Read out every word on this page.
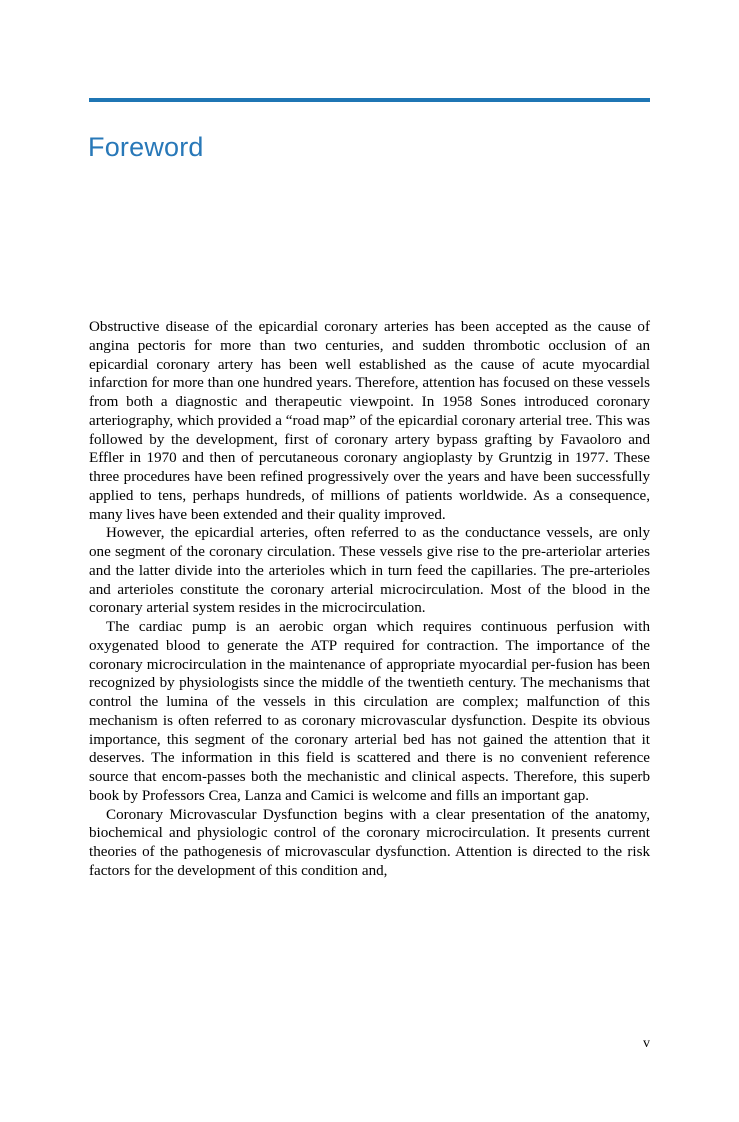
Foreword

Obstructive disease of the epicardial coronary arteries has been accepted as the cause of angina pectoris for more than two centuries, and sudden thrombotic occlusion of an epicardial coronary artery has been well established as the cause of acute myocardial infarction for more than one hundred years. Therefore, attention has focused on these vessels from both a diagnostic and therapeutic viewpoint. In 1958 Sones introduced coronary arteriography, which provided a “road map” of the epicardial coronary arterial tree. This was followed by the development, first of coronary artery bypass grafting by Favaoloro and Effler in 1970 and then of percutaneous coronary angioplasty by Gruntzig in 1977. These three procedures have been refined progressively over the years and have been successfully applied to tens, perhaps hundreds, of millions of patients worldwide. As a consequence, many lives have been extended and their quality improved.

However, the epicardial arteries, often referred to as the conductance vessels, are only one segment of the coronary circulation. These vessels give rise to the pre-arteriolar arteries and the latter divide into the arterioles which in turn feed the capillaries. The pre-arterioles and arterioles constitute the coronary arterial microcirculation. Most of the blood in the coronary arterial system resides in the microcirculation.

The cardiac pump is an aerobic organ which requires continuous perfusion with oxygenated blood to generate the ATP required for contraction. The importance of the coronary microcirculation in the maintenance of appropriate myocardial per-fusion has been recognized by physiologists since the middle of the twentieth century. The mechanisms that control the lumina of the vessels in this circulation are complex; malfunction of this mechanism is often referred to as coronary microvascular dysfunction. Despite its obvious importance, this segment of the coronary arterial bed has not gained the attention that it deserves. The information in this field is scattered and there is no convenient reference source that encom-passes both the mechanistic and clinical aspects. Therefore, this superb book by Professors Crea, Lanza and Camici is welcome and fills an important gap.

Coronary Microvascular Dysfunction begins with a clear presentation of the anatomy, biochemical and physiologic control of the coronary microcirculation. It presents current theories of the pathogenesis of microvascular dysfunction. Attention is directed to the risk factors for the development of this condition and,

v
